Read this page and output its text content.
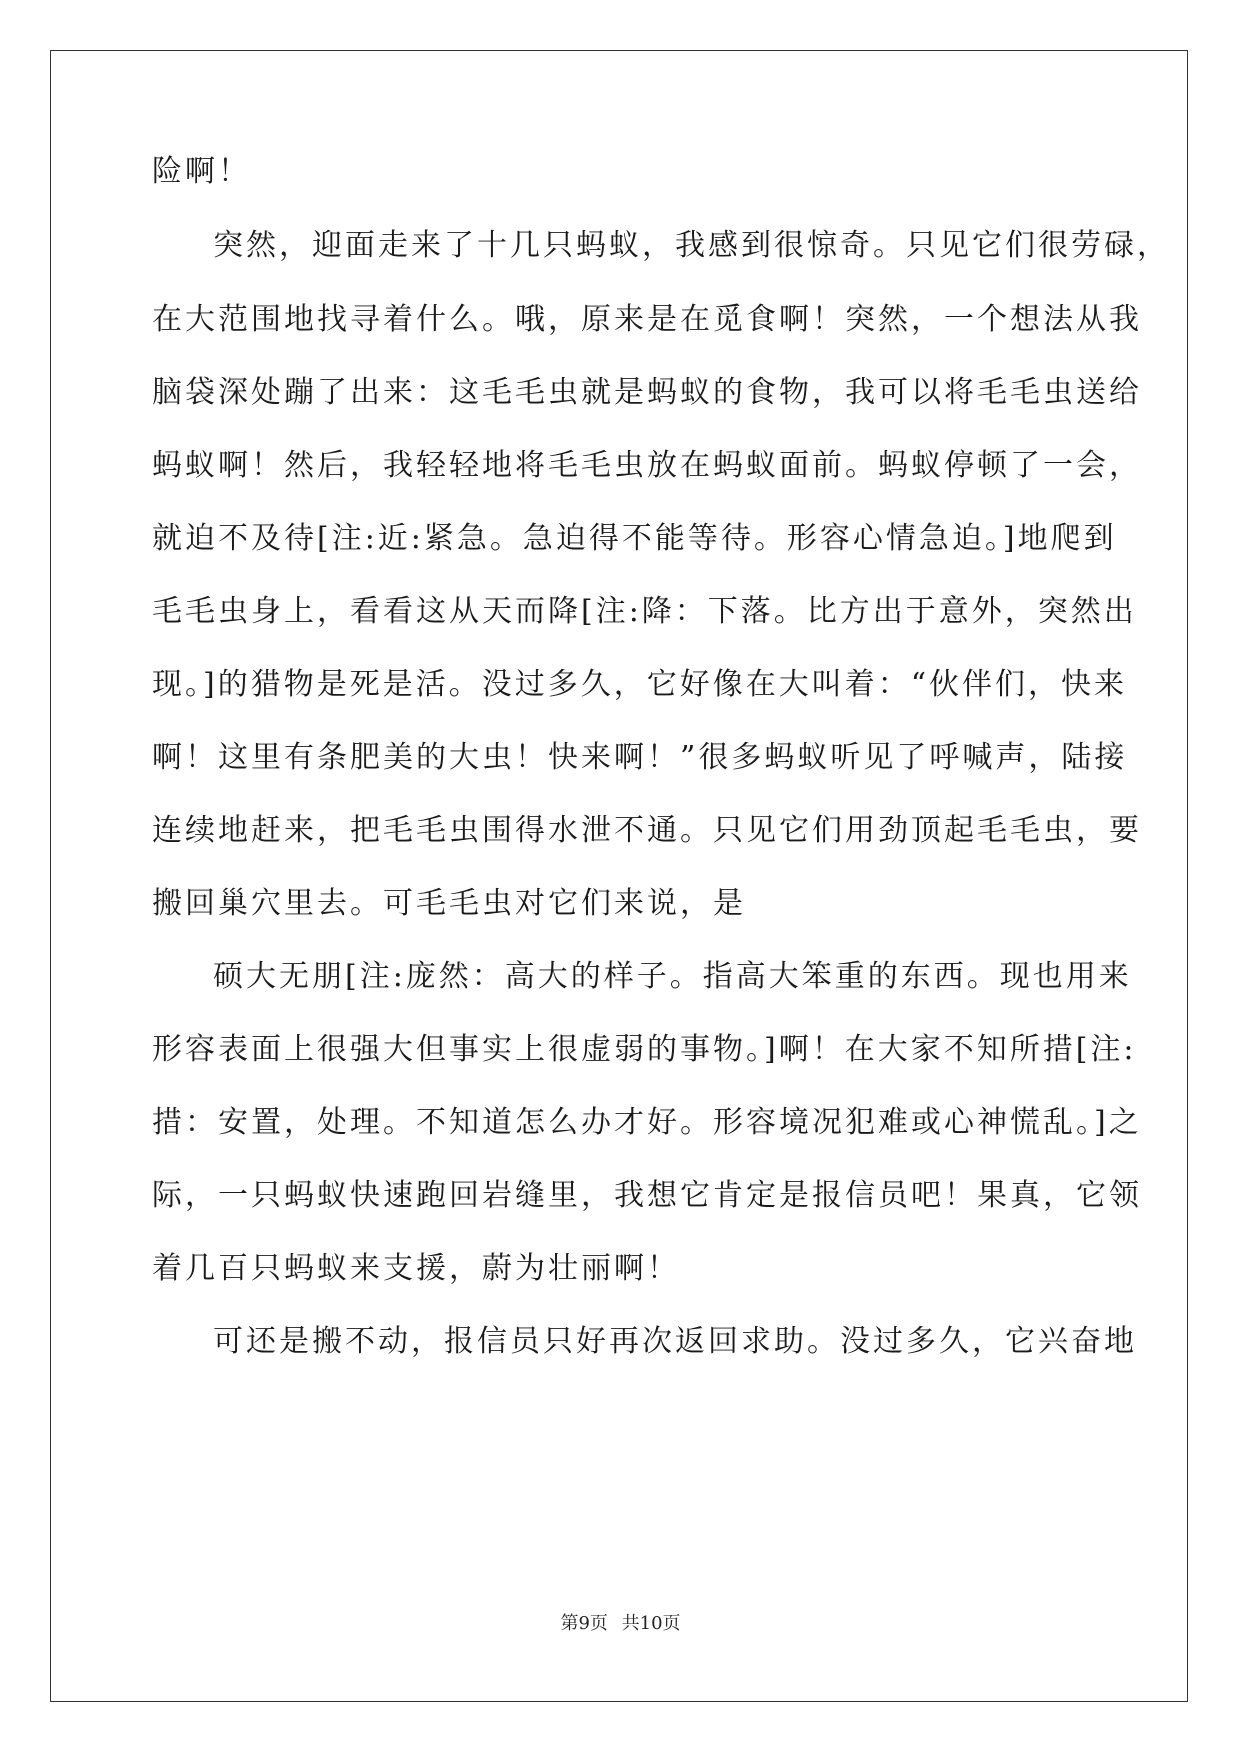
险啊！
突然，迎面走来了十几只蚂蚁，我感到很惊奇。只见它们很劳碌，
在大范围地找寻着什么。哦，原来是在觅食啊！突然，一个想法从我
脑袋深处蹦了出来：这毛毛虫就是蚂蚁的食物，我可以将毛毛虫送给
蚂蚁啊！然后，我轻轻地将毛毛虫放在蚂蚁面前。蚂蚁停顿了一会，
就迫不及待[注:近:紧急。急迫得不能等待。形容心情急迫。]地爬到
毛毛虫身上，看看这从天而降[注:降：下落。比方出于意外，突然出
现。]的猎物是死是活。没过多久，它好像在大叫着：“伙伴们，快来
啊！这里有条肥美的大虫！快来啊！”很多蚂蚁听见了呼喊声，陆接
连续地赶来，把毛毛虫围得水泄不通。只见它们用劲顶起毛毛虫，要
搬回巢穴里去。可毛毛虫对它们来说，是
硕大无朋[注:庞然：高大的样子。指高大笨重的东西。现也用来
形容表面上很强大但事实上很虚弱的事物。]啊！在大家不知所措[注:
措：安置，处理。不知道怎么办才好。形容境况犯难或心神慌乱。]之
际，一只蚂蚁快速跑回岩缝里，我想它肯定是报信员吧！果真，它领
着几百只蚂蚁来支援，蔚为壮丽啊！
可还是搬不动，报信员只好再次返回求助。没过多久，它兴奋地
第9页 共10页
